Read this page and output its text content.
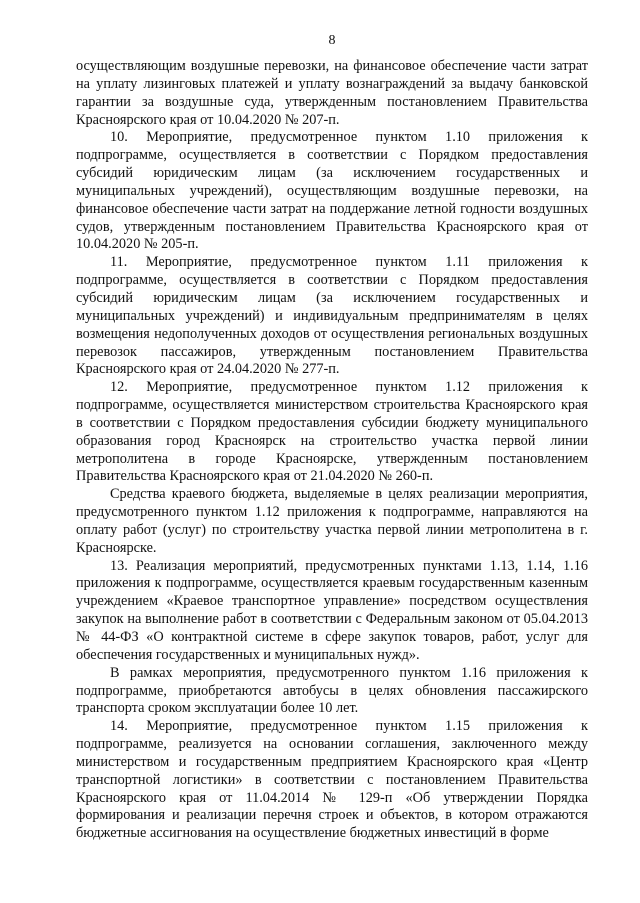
8

осуществляющим воздушные перевозки, на финансовое обеспечение части затрат на уплату лизинговых платежей и уплату вознаграждений за выдачу банковской гарантии за воздушные суда, утвержденным постановлением Правительства Красноярского края от 10.04.2020 № 207-п.

10. Мероприятие, предусмотренное пунктом 1.10 приложения к подпрограмме, осуществляется в соответствии с Порядком предоставления субсидий юридическим лицам (за исключением государственных и муниципальных учреждений), осуществляющим воздушные перевозки, на финансовое обеспечение части затрат на поддержание летной годности воздушных судов, утвержденным постановлением Правительства Красноярского края от 10.04.2020 № 205-п.

11. Мероприятие, предусмотренное пунктом 1.11 приложения к подпрограмме, осуществляется в соответствии с Порядком предоставления субсидий юридическим лицам (за исключением государственных и муниципальных учреждений) и индивидуальным предпринимателям в целях возмещения недополученных доходов от осуществления региональных воздушных перевозок пассажиров, утвержденным постановлением Правительства Красноярского края от 24.04.2020 № 277-п.

12. Мероприятие, предусмотренное пунктом 1.12 приложения к подпрограмме, осуществляется министерством строительства Красноярского края в соответствии с Порядком предоставления субсидии бюджету муниципального образования город Красноярск на строительство участка первой линии метрополитена в городе Красноярске, утвержденным постановлением Правительства Красноярского края от 21.04.2020 № 260-п.

Средства краевого бюджета, выделяемые в целях реализации мероприятия, предусмотренного пунктом 1.12 приложения к подпрограмме, направляются на оплату работ (услуг) по строительству участка первой линии метрополитена в г. Красноярске.

13. Реализация мероприятий, предусмотренных пунктами 1.13, 1.14, 1.16 приложения к подпрограмме, осуществляется краевым государственным казенным учреждением «Краевое транспортное управление» посредством осуществления закупок на выполнение работ в соответствии с Федеральным законом от 05.04.2013 № 44-ФЗ «О контрактной системе в сфере закупок товаров, работ, услуг для обеспечения государственных и муниципальных нужд».

В рамках мероприятия, предусмотренного пунктом 1.16 приложения к подпрограмме, приобретаются автобусы в целях обновления пассажирского транспорта сроком эксплуатации более 10 лет.

14. Мероприятие, предусмотренное пунктом 1.15 приложения к подпрограмме, реализуется на основании соглашения, заключенного между министерством и государственным предприятием Красноярского края «Центр транспортной логистики» в соответствии с постановлением Правительства Красноярского края от 11.04.2014 № 129-п «Об утверждении Порядка формирования и реализации перечня строек и объектов, в котором отражаются бюджетные ассигнования на осуществление бюджетных инвестиций в форме
